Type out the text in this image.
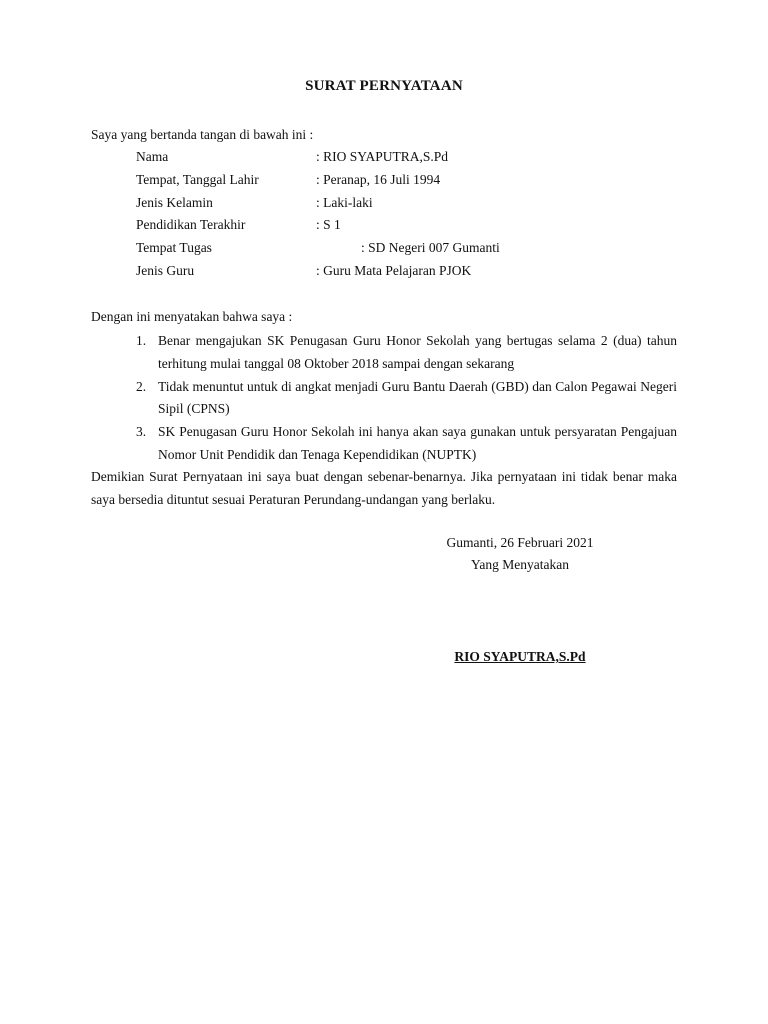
SURAT PERNYATAAN
Saya yang bertanda tangan di bawah ini :
Nama	: RIO SYAPUTRA,S.Pd
Tempat, Tanggal Lahir	: Peranap, 16 Juli 1994
Jenis Kelamin	: Laki-laki
Pendidikan Terakhir	: S 1
Tempat Tugas	: SD Negeri 007 Gumanti
Jenis Guru	: Guru Mata Pelajaran PJOK
Dengan ini menyatakan bahwa saya :
1. Benar mengajukan SK Penugasan Guru Honor Sekolah yang bertugas selama 2 (dua) tahun terhitung mulai tanggal 08 Oktober 2018 sampai dengan sekarang
2. Tidak menuntut untuk di angkat menjadi Guru Bantu Daerah (GBD) dan Calon Pegawai Negeri Sipil (CPNS)
3. SK Penugasan Guru Honor Sekolah ini hanya akan saya gunakan untuk persyaratan Pengajuan Nomor Unit Pendidik dan Tenaga Kependidikan (NUPTK)
Demikian Surat Pernyataan ini saya buat dengan sebenar-benarnya. Jika pernyataan ini tidak benar maka saya bersedia dituntut sesuai Peraturan Perundang-undangan yang berlaku.
Gumanti, 26 Februari 2021
Yang Menyatakan
RIO SYAPUTRA,S.Pd
